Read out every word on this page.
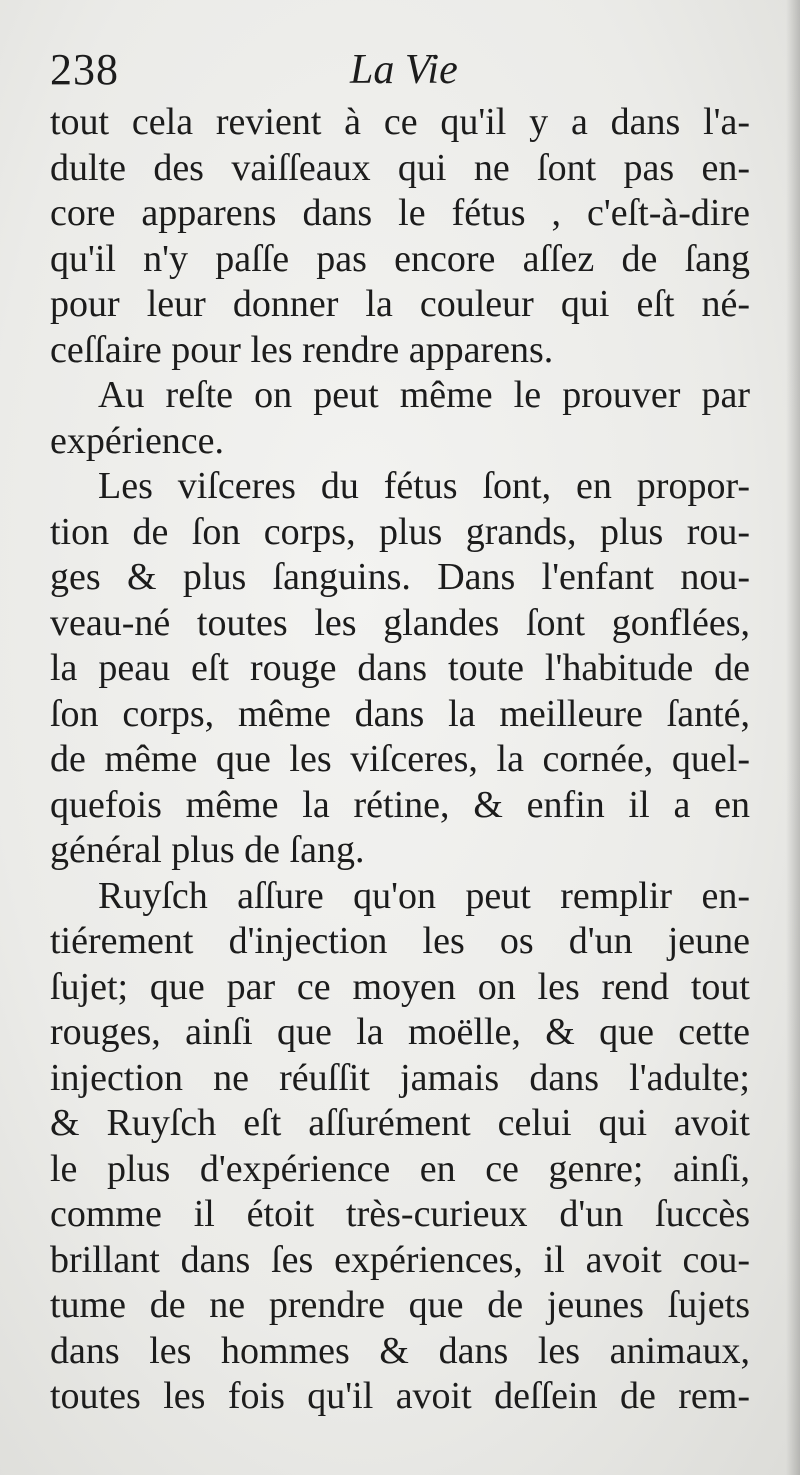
238	La Vie
tout cela revient à ce qu'il y a dans l'a-
dulte des vaiſſeaux qui ne ſont pas en-
core apparens dans le fétus , c'eſt-à-dire
qu'il n'y paſſe pas encore aſſez de ſang
pour leur donner la couleur qui eſt né-
ceſſaire pour les rendre apparens.
Au reſte on peut même le prouver par
expérience.
Les viſceres du fétus ſont, en propor-
tion de ſon corps, plus grands, plus rou-
ges & plus ſanguins. Dans l'enfant nou-
veau-né toutes les glandes ſont gonflées,
la peau eſt rouge dans toute l'habitude de
ſon corps, même dans la meilleure ſanté,
de même que les viſceres, la cornée, quel-
quefois même la rétine, & enfin il a en
général plus de ſang.
Ruyſch aſſure qu'on peut remplir en-
tiérement d'injection les os d'un jeune
ſujet; que par ce moyen on les rend tout
rouges, ainſi que la moëlle, & que cette
injection ne réuſſit jamais dans l'adulte;
& Ruyſch eſt aſſurément celui qui avoit
le plus d'expérience en ce genre; ainſi,
comme il étoit très-curieux d'un ſuccès
brillant dans ſes expériences, il avoit cou-
tume de ne prendre que de jeunes ſujets
dans les hommes & dans les animaux,
toutes les fois qu'il avoit deſſein de rem-
